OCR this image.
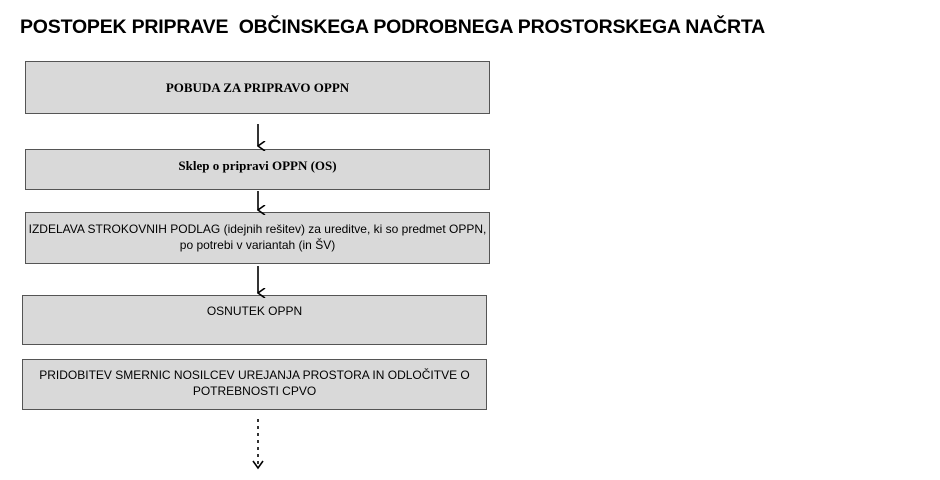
POSTOPEK PRIPRAVE  OBČINSKEGA PODROBNEGA PROSTORSKEGA NAČRTA
POBUDA ZA PRIPRAVO OPPN
Sklep o pripravi OPPN (OS)
IZDELAVA STROKOVNIH PODLAG (idejnih rešitev) za ureditve, ki so predmet OPPN, po potrebi v variantah (in ŠV)
OSNUTEK OPPN
PRIDOBITEV SMERNIC NOSILCEV UREJANJA PROSTORA IN ODLOČITVE O POTREBNOSTI CPVO
